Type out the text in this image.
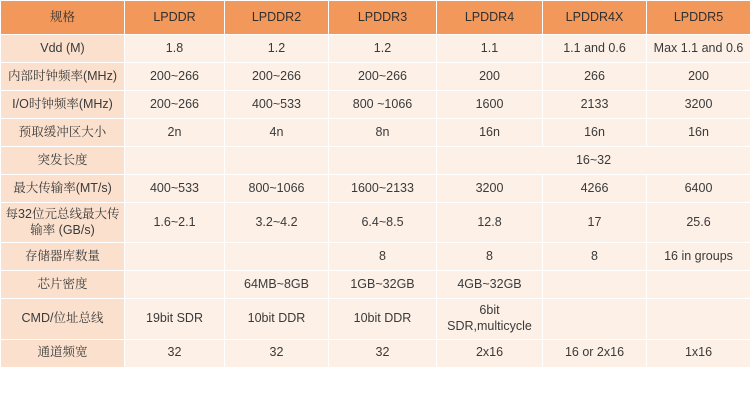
规格	LPDDR	LPDDR2	LPDDR3	LPDDR4	LPDDR4X	LPDDR5
Vdd (M)	1.8	1.2	1.2	1.1	1.1 and 0.6	Max 1.1 and 0.6
内部时钟频率(MHz)	200~266	200~266	200~266	200	266	200
I/O时钟频率(MHz)	200~266	400~533	800 ~1066	1600	2133	3200
预取缓冲区大小	2n	4n	8n	16n	16n	16n
突发长度				16~32		
最大传输率(MT/s)	400~533	800~1066	1600~2133	3200	4266	6400
每32位元总线最大传输率 (GB/s)	1.6~2.1	3.2~4.2	6.4~8.5	12.8	17	25.6
存储器库数量			8	8	8	16 in groups
芯片密度		64MB~8GB	1GB~32GB	4GB~32GB		
CMD/位址总线	19bit SDR	10bit DDR	10bit DDR	6bit SDR,multicycle		
通道频宽	32	32	32	2x16	16 or 2x16	1x16
